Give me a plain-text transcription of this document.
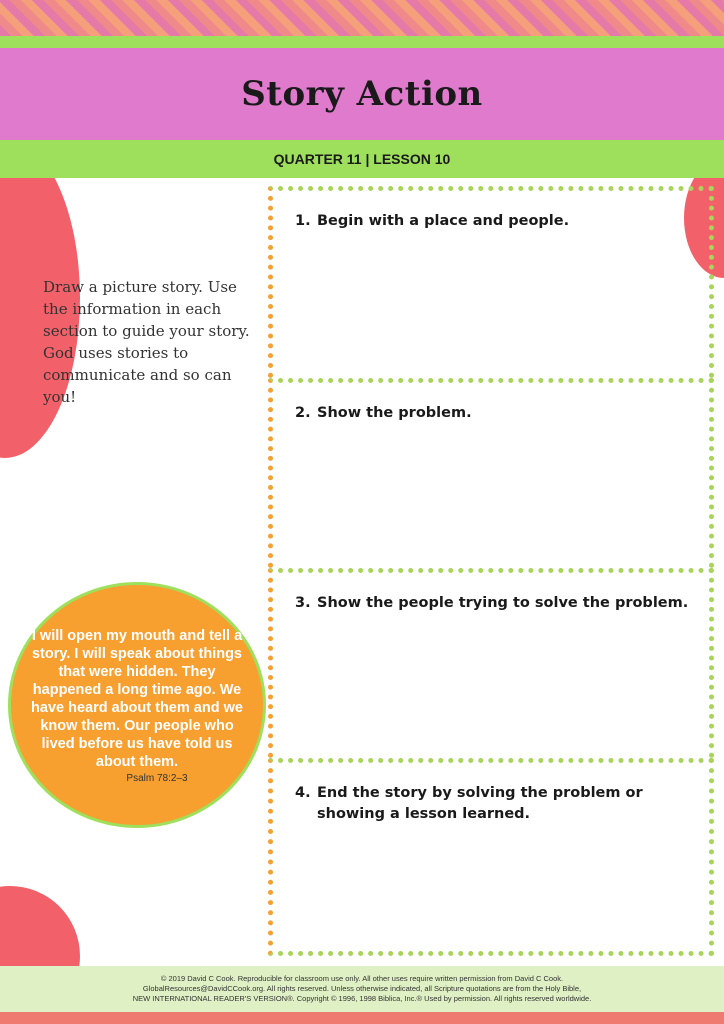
Story Action
QUARTER 11 | LESSON 10
Draw a picture story. Use the information in each section to guide your story. God uses stories to communicate and so can you!
I will open my mouth and tell a story. I will speak about things that were hidden. They happened a long time ago. We have heard about them and we know them. Our people who lived before us have told us about them.
Psalm 78:2–3
1. Begin with a place and people.
2. Show the problem.
3. Show the people trying to solve the problem.
4. End the story by solving the problem or showing a lesson learned.
© 2019 David C Cook. Reproducible for classroom use only. All other uses require written permission from David C Cook.
GlobalResources@DavidCCook.org. All rights reserved. Unless otherwise indicated, all Scripture quotations are from the Holy Bible,
NEW INTERNATIONAL READER'S VERSION®. Copyright © 1996, 1998 Biblica, Inc.® Used by permission. All rights reserved worldwide.
